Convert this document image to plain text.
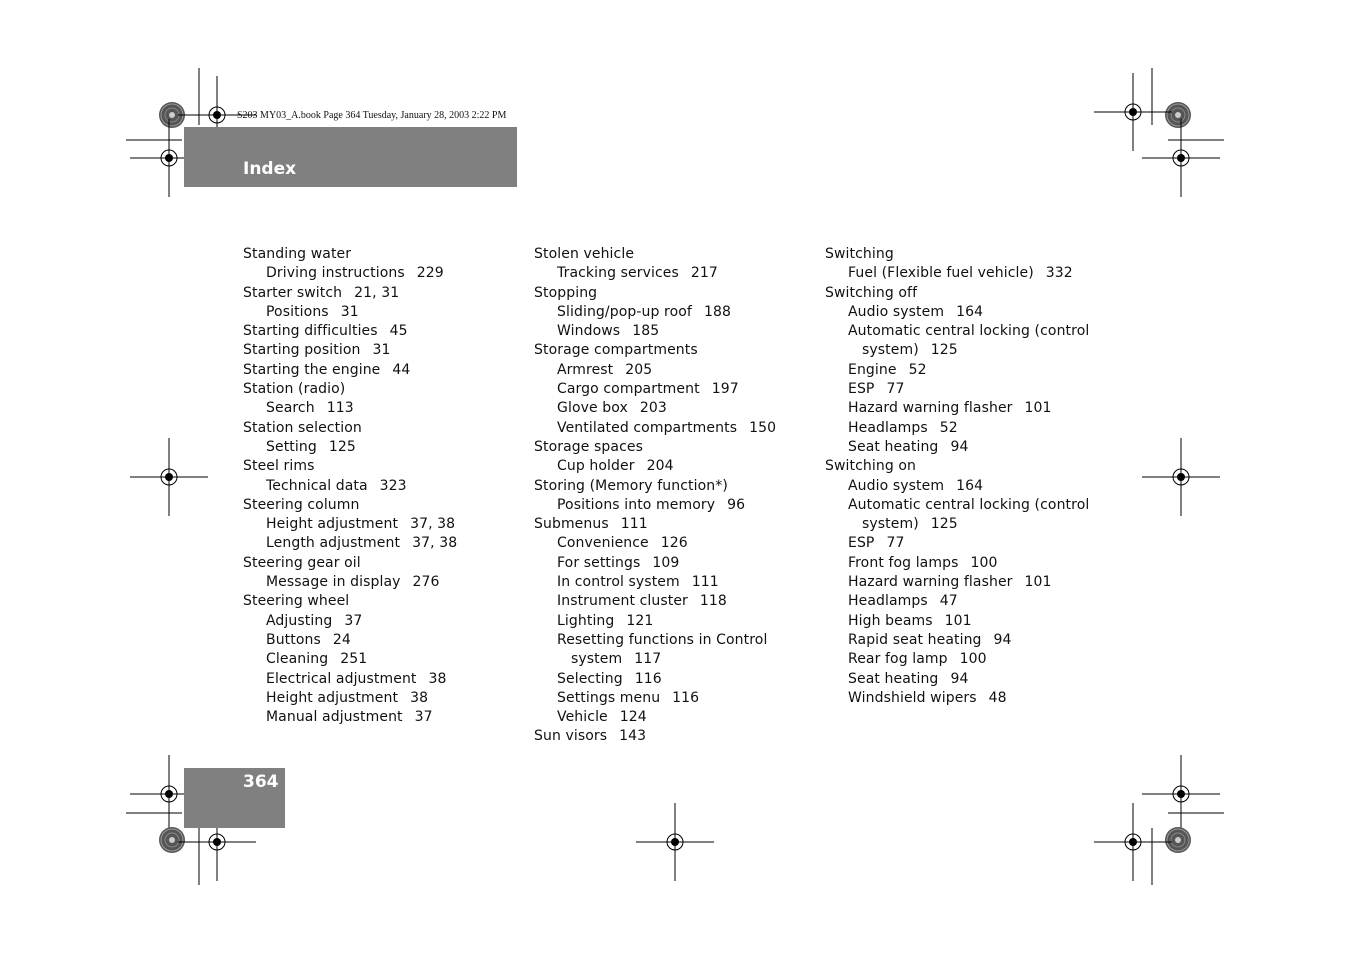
S203 MY03_A.book Page 364 Tuesday, January 28, 2003 2:22 PM
Index
Standing water
Driving instructions 229
Starter switch 21, 31
Positions 31
Starting difficulties 45
Starting position 31
Starting the engine 44
Station (radio)
Search 113
Station selection
Setting 125
Steel rims
Technical data 323
Steering column
Height adjustment 37, 38
Length adjustment 37, 38
Steering gear oil
Message in display 276
Steering wheel
Adjusting 37
Buttons 24
Cleaning 251
Electrical adjustment 38
Height adjustment 38
Manual adjustment 37
Stolen vehicle
Tracking services 217
Stopping
Sliding/pop-up roof 188
Windows 185
Storage compartments
Armrest 205
Cargo compartment 197
Glove box 203
Ventilated compartments 150
Storage spaces
Cup holder 204
Storing (Memory function*)
Positions into memory 96
Submenus 111
Convenience 126
For settings 109
In control system 111
Instrument cluster 118
Lighting 121
Resetting functions in Control
system 117
Selecting 116
Settings menu 116
Vehicle 124
Sun visors 143
Switching
Fuel (Flexible fuel vehicle) 332
Switching off
Audio system 164
Automatic central locking (control
system) 125
Engine 52
ESP 77
Hazard warning flasher 101
Headlamps 52
Seat heating 94
Switching on
Audio system 164
Automatic central locking (control
system) 125
ESP 77
Front fog lamps 100
Hazard warning flasher 101
Headlamps 47
High beams 101
Rapid seat heating 94
Rear fog lamp 100
Seat heating 94
Windshield wipers 48
364
